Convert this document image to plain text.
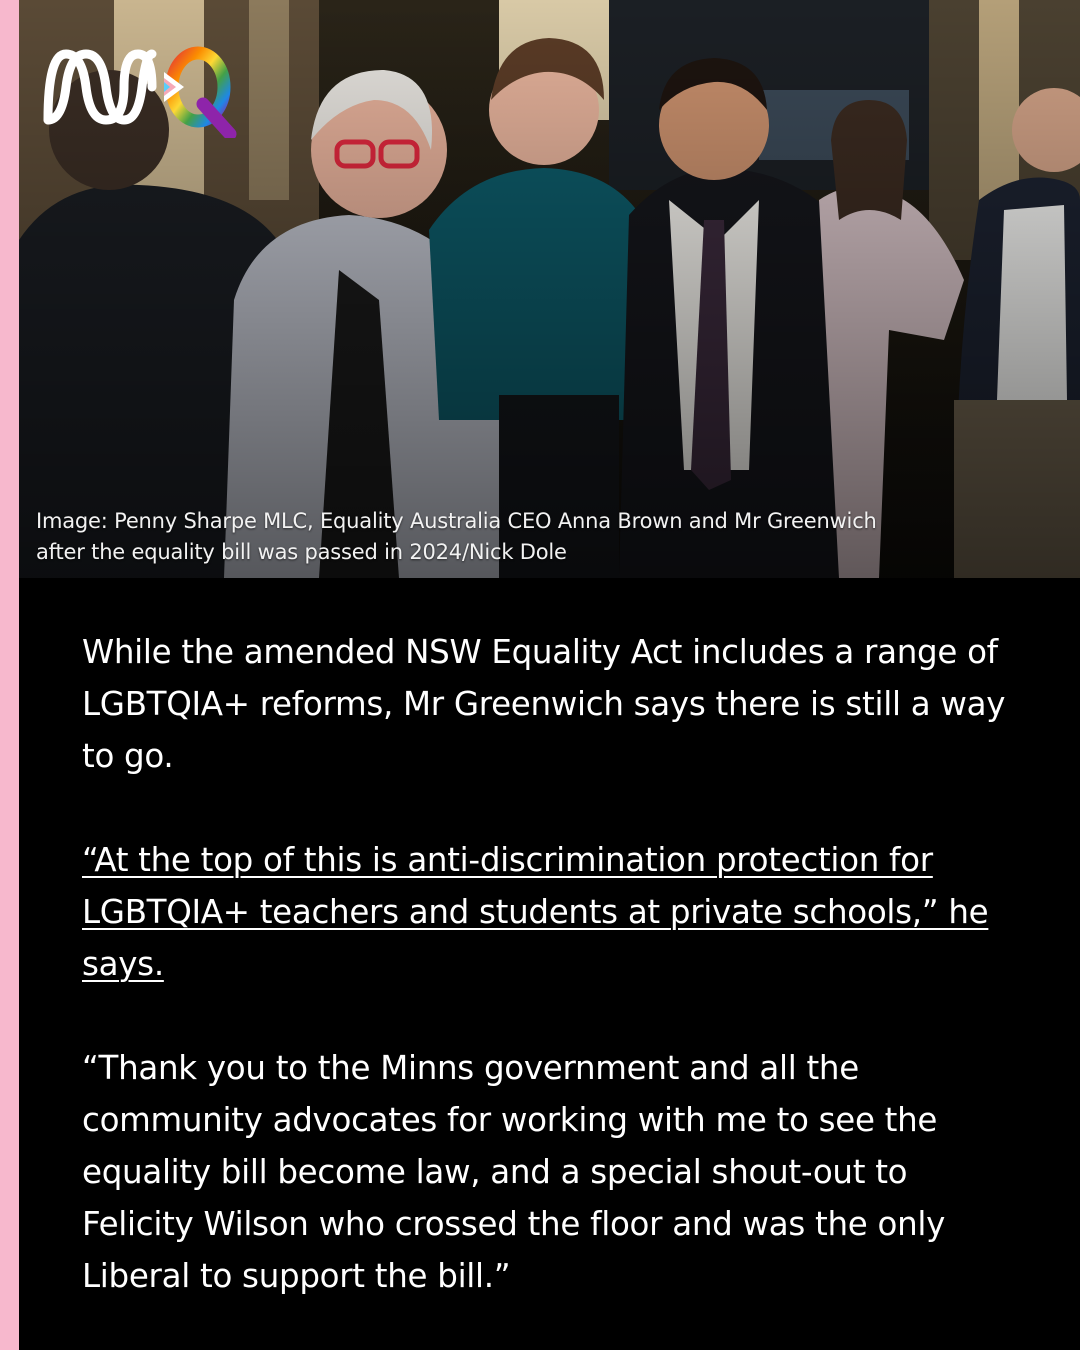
Image: Penny Sharpe MLC, Equality Australia CEO Anna Brown and Mr Greenwich after the equality bill was passed in 2024/Nick Dole

While the amended NSW Equality Act includes a range of LGBTQIA+ reforms, Mr Greenwich says there is still a way to go.

“At the top of this is anti-discrimination protection for LGBTQIA+ teachers and students at private schools,” he says.

“Thank you to the Minns government and all the community advocates for working with me to see the equality bill become law, and a special shout-out to Felicity Wilson who crossed the floor and was the only Liberal to support the bill.”
